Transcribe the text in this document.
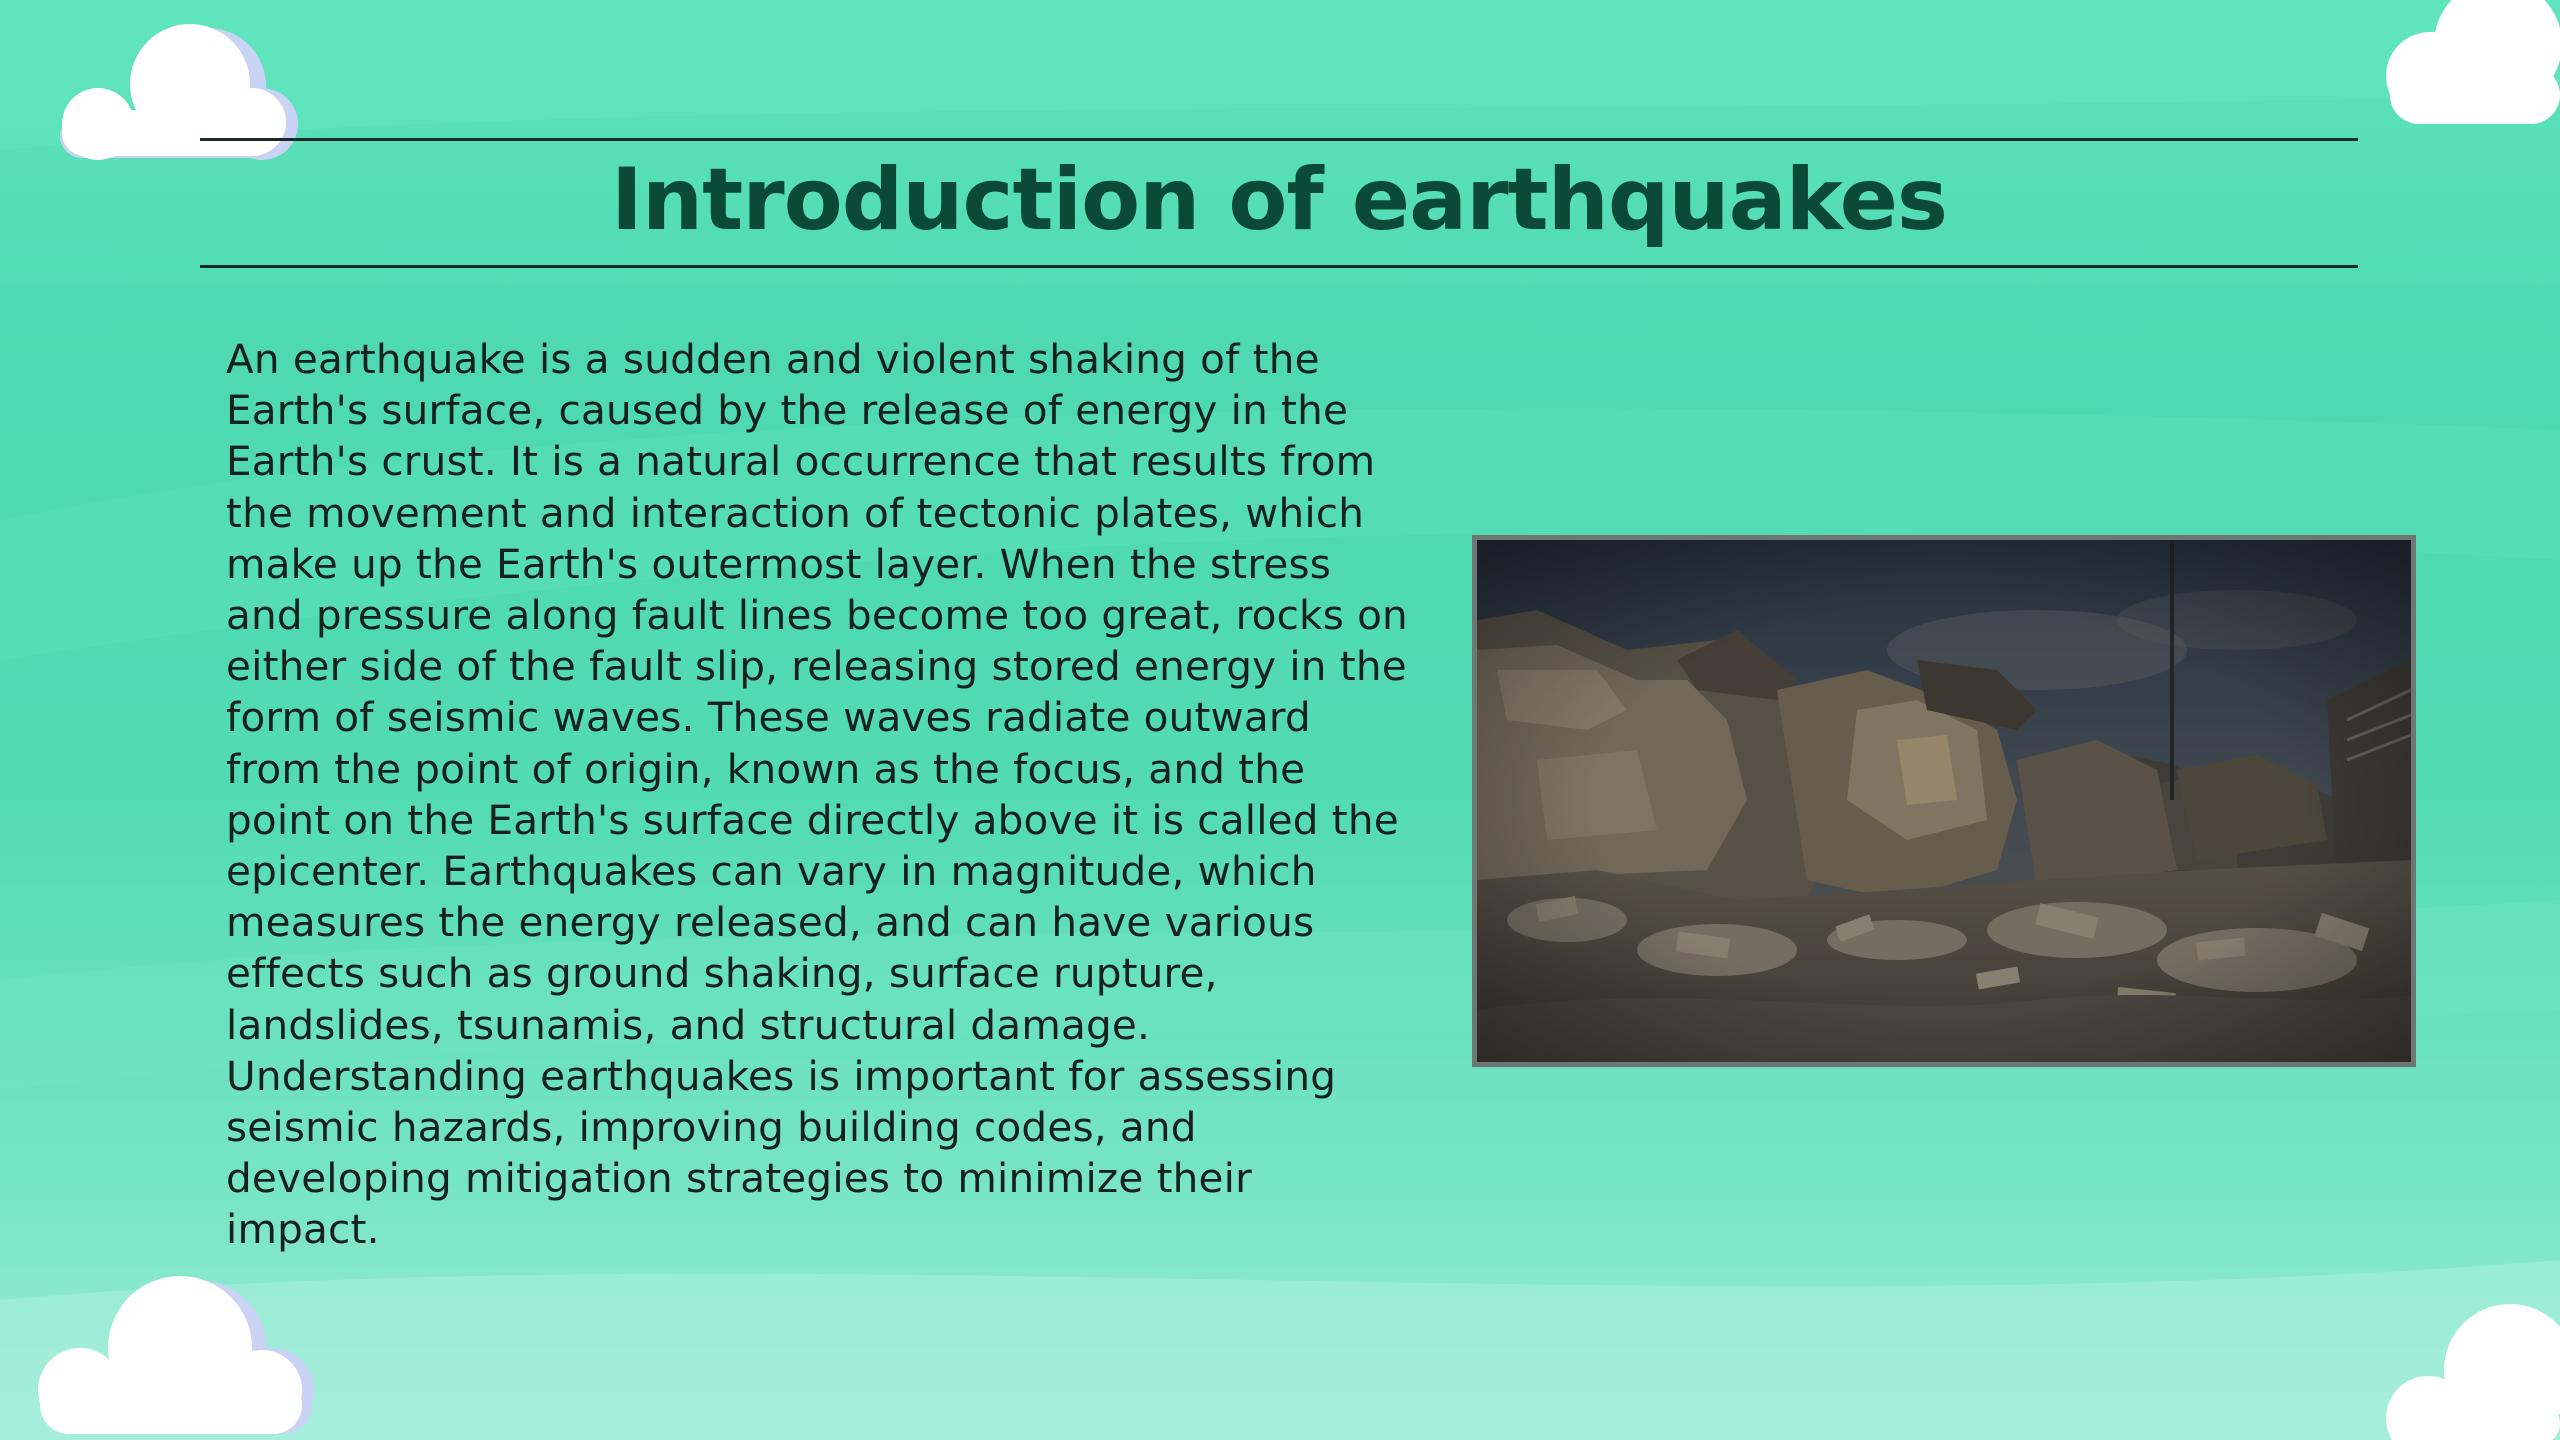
Introduction of earthquakes

An earthquake is a sudden and violent shaking of the Earth's surface, caused by the release of energy in the Earth's crust. It is a natural occurrence that results from the movement and interaction of tectonic plates, which make up the Earth's outermost layer. When the stress and pressure along fault lines become too great, rocks on either side of the fault slip, releasing stored energy in the form of seismic waves. These waves radiate outward from the point of origin, known as the focus, and the point on the Earth's surface directly above it is called the epicenter. Earthquakes can vary in magnitude, which measures the energy released, and can have various effects such as ground shaking, surface rupture, landslides, tsunamis, and structural damage. Understanding earthquakes is important for assessing seismic hazards, improving building codes, and developing mitigation strategies to minimize their impact.
